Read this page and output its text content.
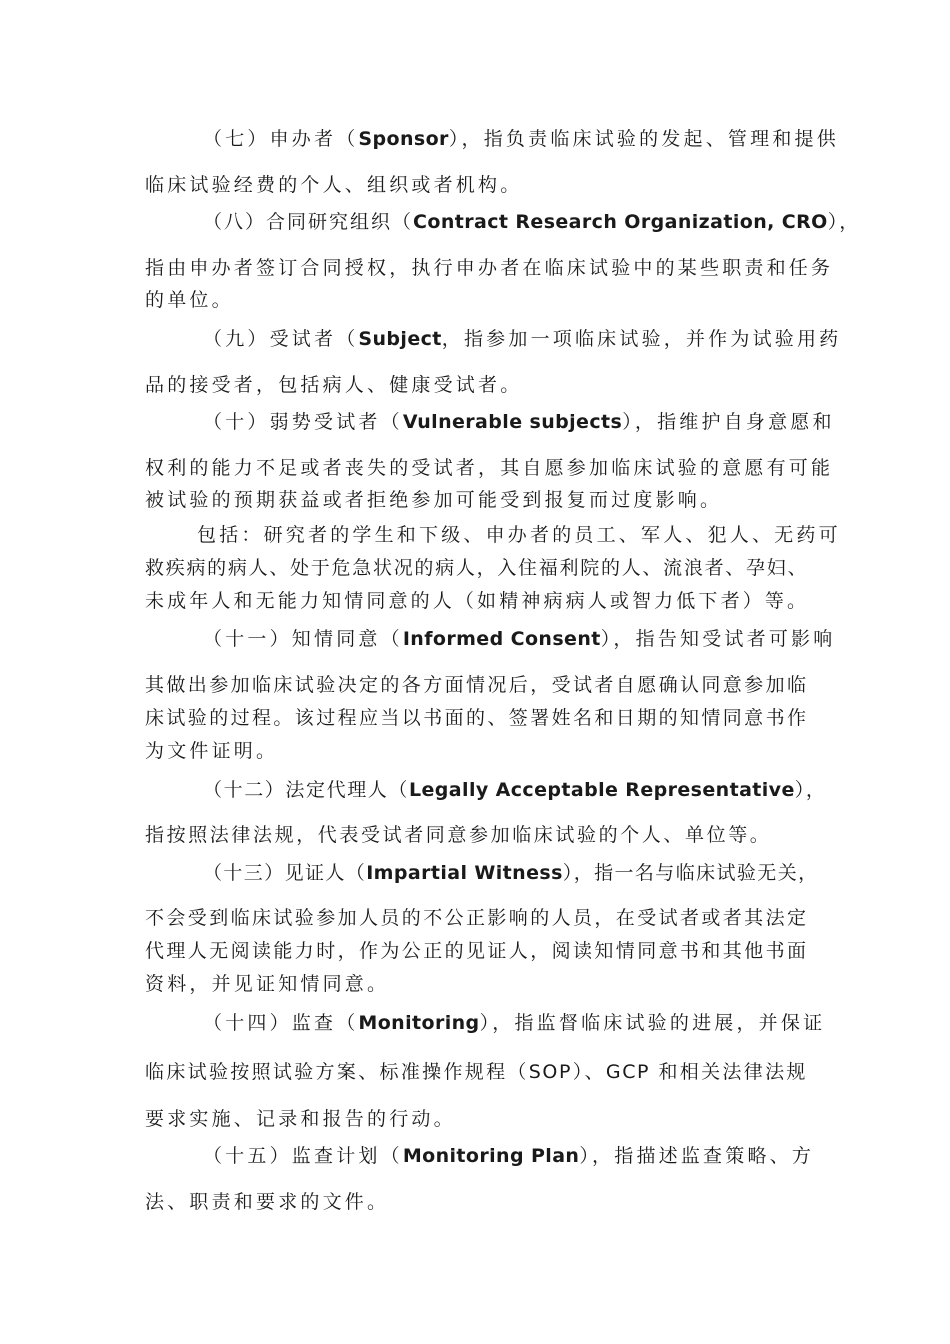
（七）申办者（Sponsor），指负责临床试验的发起、管理和提供
临床试验经费的个人、组织或者机构。
（八）合同研究组织（Contract Research Organization, CRO），
指由申办者签订合同授权，执行申办者在临床试验中的某些职责和任务
的单位。
（九）受试者（Subject，指参加一项临床试验，并作为试验用药
品的接受者，包括病人、健康受试者。
（十）弱势受试者（Vulnerable subjects），指维护自身意愿和
权利的能力不足或者丧失的受试者，其自愿参加临床试验的意愿有可能
被试验的预期获益或者拒绝参加可能受到报复而过度影响。
包括：研究者的学生和下级、申办者的员工、军人、犯人、无药可
救疾病的病人、处于危急状况的病人，入住福利院的人、流浪者、孕妇、
未成年人和无能力知情同意的人（如精神病病人或智力低下者）等。
（十一）知情同意（Informed Consent），指告知受试者可影响
其做出参加临床试验决定的各方面情况后，受试者自愿确认同意参加临
床试验的过程。该过程应当以书面的、签署姓名和日期的知情同意书作
为文件证明。
（十二）法定代理人（Legally Acceptable Representative），
指按照法律法规，代表受试者同意参加临床试验的个人、单位等。
（十三）见证人（Impartial Witness），指一名与临床试验无关，
不会受到临床试验参加人员的不公正影响的人员，在受试者或者其法定
代理人无阅读能力时，作为公正的见证人，阅读知情同意书和其他书面
资料，并见证知情同意。
（十四）监查（Monitoring），指监督临床试验的进展，并保证
临床试验按照试验方案、标准操作规程（SOP）、GCP 和相关法律法规
要求实施、记录和报告的行动。
（十五）监查计划（Monitoring Plan），指描述监查策略、方
法、职责和要求的文件。
